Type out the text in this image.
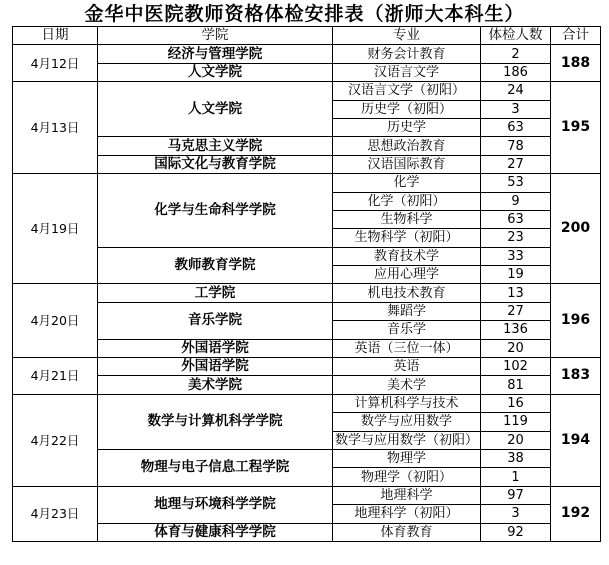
金华中医院教师资格体检安排表（浙师大本科生）
日期	学院	专业	体检人数	合计
4月12日	经济与管理学院	财务会计教育	2	188
	人文学院	汉语言文学	186	
4月13日	人文学院	汉语言文学（初阳）	24	195
		历史学（初阳）	3	
		历史学	63	
	马克思主义学院	思想政治教育	78	
	国际文化与教育学院	汉语国际教育	27	
4月19日	化学与生命科学学院	化学	53	200
		化学（初阳）	9	
		生物科学	63	
		生物科学（初阳）	23	
	教师教育学院	教育技术学	33	
		应用心理学	19	
4月20日	工学院	机电技术教育	13	196
	音乐学院	舞蹈学	27	
		音乐学	136	
	外国语学院	英语（三位一体）	20	
4月21日	外国语学院	英语	102	183
	美术学院	美术学	81	
4月22日	数学与计算机科学学院	计算机科学与技术	16	194
		数学与应用数学	119	
		数学与应用数学（初阳）	20	
	物理与电子信息工程学院	物理学	38	
		物理学（初阳）	1	
4月23日	地理与环境科学学院	地理科学	97	192
		地理科学（初阳）	3	
	体育与健康科学学院	体育教育	92	
